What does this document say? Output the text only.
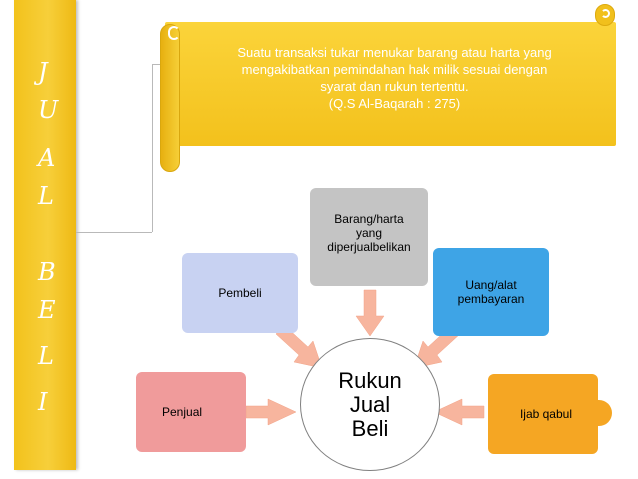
J
U
A
L
B
E
L
I
Suatu transaksi tukar menukar barang atau harta yang
mengakibatkan pemindahan hak milik sesuai dengan
syarat dan rukun tertentu.
(Q.S Al-Baqarah : 275)
Penjual
Pembeli
Barang/harta
yang
diperjualbelikan
Uang/alat
pembayaran
Ijab qabul
Rukun
Jual
Beli
